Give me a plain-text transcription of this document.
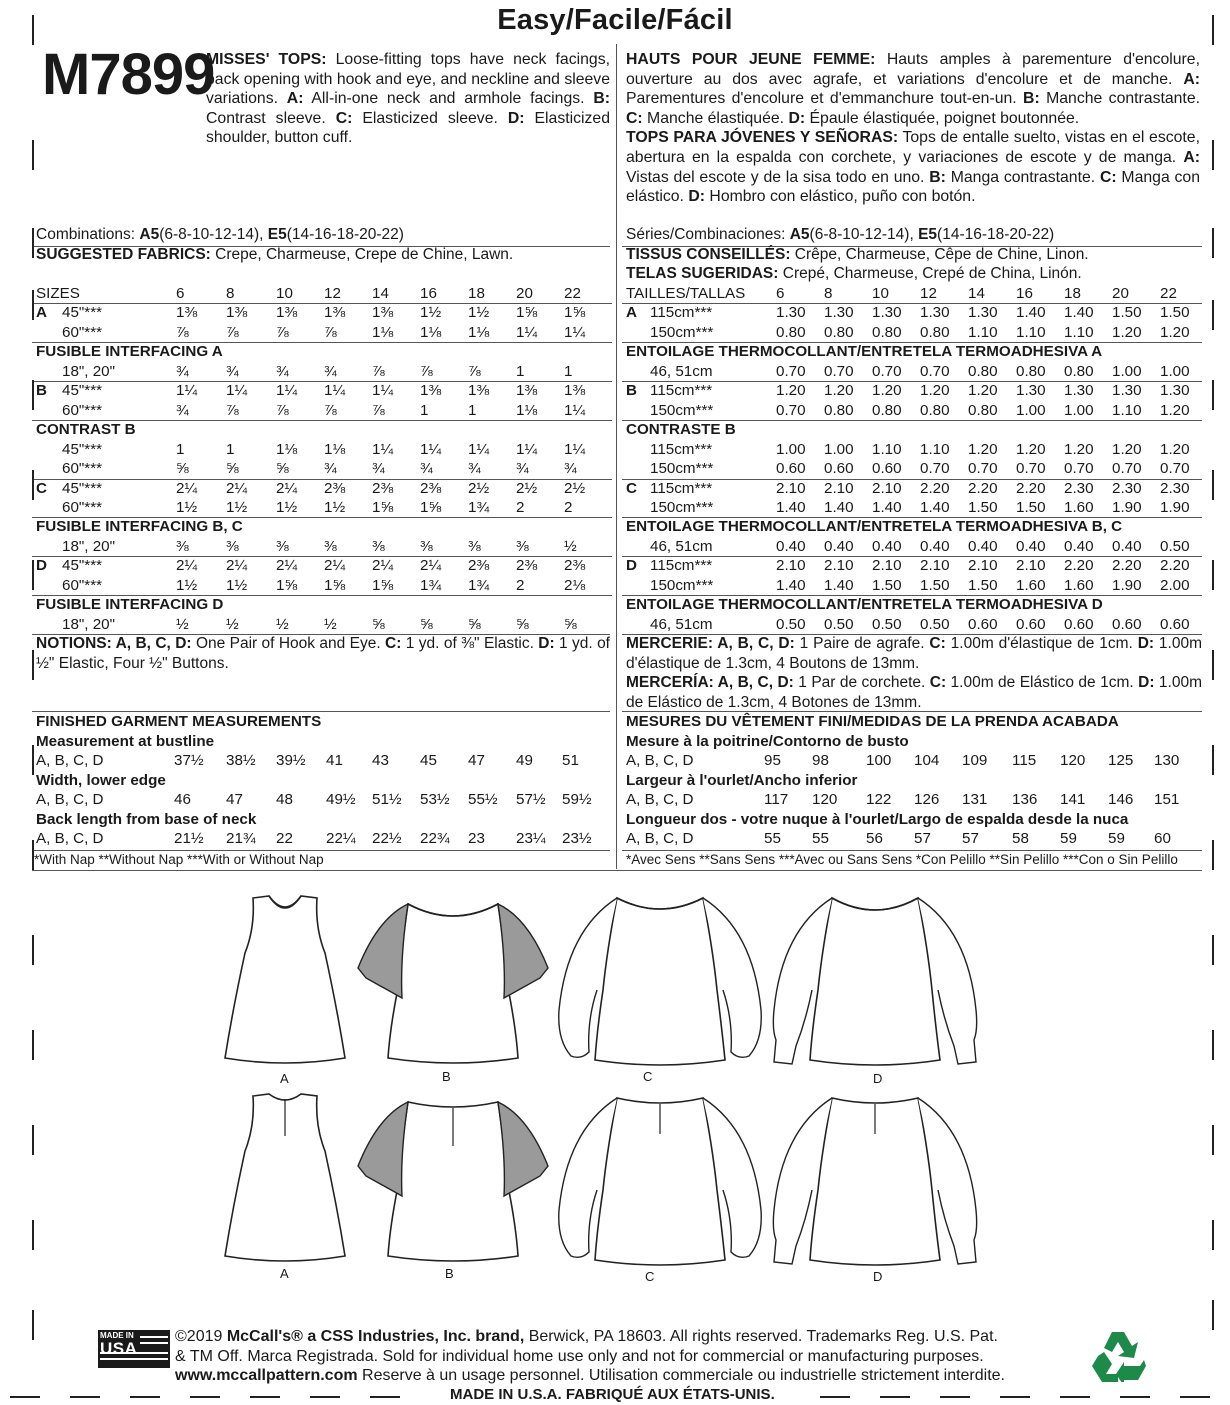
Easy/Facile/Fácil
M7899
MISSES' TOPS: Loose-fitting tops have neck facings, back opening with hook and eye, and neckline and sleeve variations. A: All-in-one neck and armhole facings. B: Contrast sleeve. C: Elasticized sleeve. D: Elasticized shoulder, button cuff.
HAUTS POUR JEUNE FEMME: Hauts amples à parementure d'encolure, ouverture au dos avec agrafe, et variations d'encolure et de manche. A: Parementures d'encolure et d'emmanchure tout-en-un. B: Manche contrastante. C: Manche élastiquée. D: Épaule élastiquée, poignet boutonnée.
TOPS PARA JÓVENES Y SEÑORAS: Tops de entalle suelto, vistas en el escote, abertura en la espalda con corchete, y variaciones de escote y de manga. A: Vistas del escote y de la sisa todo en uno. B: Manga contrastante. C: Manga con elástico. D: Hombro con elástico, puño con botón.
Combinations: A5(6-8-10-12-14), E5(14-16-18-20-22)
SUGGESTED FABRICS: Crepe, Charmeuse, Crepe de Chine, Lawn.
Séries/Combinaciones: A5(6-8-10-12-14), E5(14-16-18-20-22)
TISSUS CONSEILLÉS: Crêpe, Charmeuse, Cêpe de Chine, Linon.
TELAS SUGERIDAS: Crepé, Charmeuse, Crepé de China, Linón.
SIZES	6	8	10 12 14 16 18 20 22
A 45"***	1⅜ 1⅜ 1⅜ 1⅜ 1⅜ 1½ 1½ 1⅝ 1⅝
60"***	⅞ ⅞ ⅞ ⅞ 1⅛ 1⅛ 1⅛ 1¼ 1¼
FUSIBLE INTERFACING A
18", 20"	¾ ¾ ¾ ¾ ⅞ ⅞ ⅞ 1	1
B 45"***	1¼ 1¼ 1¼ 1¼ 1¼ 1⅜ 1⅜ 1⅜ 1⅜
60"***	¾ ⅞ ⅞ ⅞ ⅞ 1	1	1⅛ 1¼
CONTRAST B
45"***	1	1	1⅛ 1⅛ 1¼ 1¼ 1¼ 1¼ 1¼
60"***	⅝ ⅝ ⅝ ¾ ¾ ¾ ¾ ¾ ¾
C 45"***	2¼ 2¼ 2¼ 2⅜ 2⅜ 2⅜ 2½ 2½ 2½
60"***	1½ 1½ 1½ 1½ 1⅝ 1⅝ 1¾ 2	2
FUSIBLE INTERFACING B, C
18", 20"	⅜ ⅜ ⅜ ⅜ ⅜ ⅜ ⅜ ⅜ ½
D 45"***	2¼ 2¼ 2¼ 2¼ 2¼ 2¼ 2⅜ 2⅜ 2⅜
60"***	1½ 1½ 1⅝ 1⅝ 1⅝ 1¾ 1¾ 2	2⅛
FUSIBLE INTERFACING D
18", 20"	½ ½ ½ ½ ⅝ ⅝ ⅝ ⅝ ⅝
TAILLES/TALLAS 6	8	10 12 14 16 18 20 22
A 115cm***	1.30 1.30 1.30 1.30 1.30 1.40 1.40 1.50 1.50
150cm***	0.80 0.80 0.80 0.80 1.10 1.10 1.10 1.20 1.20
ENTOILAGE THERMOCOLLANT/ENTRETELA TERMOADHESIVA A
46, 51cm	0.70 0.70 0.70 0.70 0.80 0.80 0.80 1.00 1.00
B 115cm***	1.20 1.20 1.20 1.20 1.20 1.30 1.30 1.30 1.30
150cm***	0.70 0.80 0.80 0.80 0.80 1.00 1.00 1.10 1.20
CONTRASTE B
115cm***	1.00 1.00 1.10 1.10 1.20 1.20 1.20 1.20 1.20
150cm***	0.60 0.60 0.60 0.70 0.70 0.70 0.70 0.70 0.70
C 115cm***	2.10 2.10 2.10 2.20 2.20 2.20 2.30 2.30 2.30
150cm***	1.40 1.40 1.40 1.40 1.50 1.50 1.60 1.90 1.90
ENTOILAGE THERMOCOLLANT/ENTRETELA TERMOADHESIVA B, C
46, 51cm	0.40 0.40 0.40 0.40 0.40 0.40 0.40 0.40 0.50
D 115cm***	2.10 2.10 2.10 2.10 2.10 2.10 2.20 2.20 2.20
150cm***	1.40 1.40 1.50 1.50 1.50 1.60 1.60 1.90 2.00
ENTOILAGE THERMOCOLLANT/ENTRETELA TERMOADHESIVA D
46, 51cm	0.50 0.50 0.50 0.50 0.60 0.60 0.60 0.60 0.60
NOTIONS: A, B, C, D: One Pair of Hook and Eye. C: 1 yd. of ⅜" Elastic. D: 1 yd. of ½" Elastic, Four ½" Buttons.
MERCERIE: A, B, C, D: 1 Paire de agrafe. C: 1.00m d'élastique de 1cm. D: 1.00m d'élastique de 1.3cm, 4 Boutons de 13mm.
MERCERÍA: A, B, C, D: 1 Par de corchete. C: 1.00m de Elástico de 1cm. D: 1.00m de Elástico de 1.3cm, 4 Botones de 13mm.
FINISHED GARMENT MEASUREMENTS
Measurement at bustline
A, B, C, D	37½ 38½ 39½ 41 43 45 47 49 51
Width, lower edge
A, B, C, D	46 47 48 49½ 51½ 53½ 55½ 57½ 59½
Back length from base of neck
A, B, C, D	21½ 21¾ 22 22¼ 22½ 22¾ 23 23¼ 23½
MESURES DU VÊTEMENT FINI/MEDIDAS DE LA PRENDA ACABADA
Mesure à la poitrine/Contorno de busto
A, B, C, D	95 98 100 104 109 115 120 125 130
Largeur à l'ourlet/Ancho inferior
A, B, C, D	117 120 122 126 131 136 141 146 151
Longueur dos - votre nuque à l'ourlet/Largo de espalda desde la nuca
A, B, C, D	55 55 56 57 57 58 59 59 60
*With Nap **Without Nap ***With or Without Nap	*Avec Sens **Sans Sens ***Avec ou Sans Sens *Con Pelillo **Sin Pelillo ***Con o Sin Pelillo
A	B	C	D
A	B	C	D
MADE IN
USA
©2019 McCall's® a CSS Industries, Inc. brand, Berwick, PA 18603. All rights reserved. Trademarks Reg. U.S. Pat.
& TM Off. Marca Registrada. Sold for individual home use only and not for commercial or manufacturing purposes.
www.mccallpattern.com Reserve à un usage personnel. Utilisation commerciale ou industrielle strictement interdite.
MADE IN U.S.A. FABRIQUÉ AUX ÉTATS-UNIS.
